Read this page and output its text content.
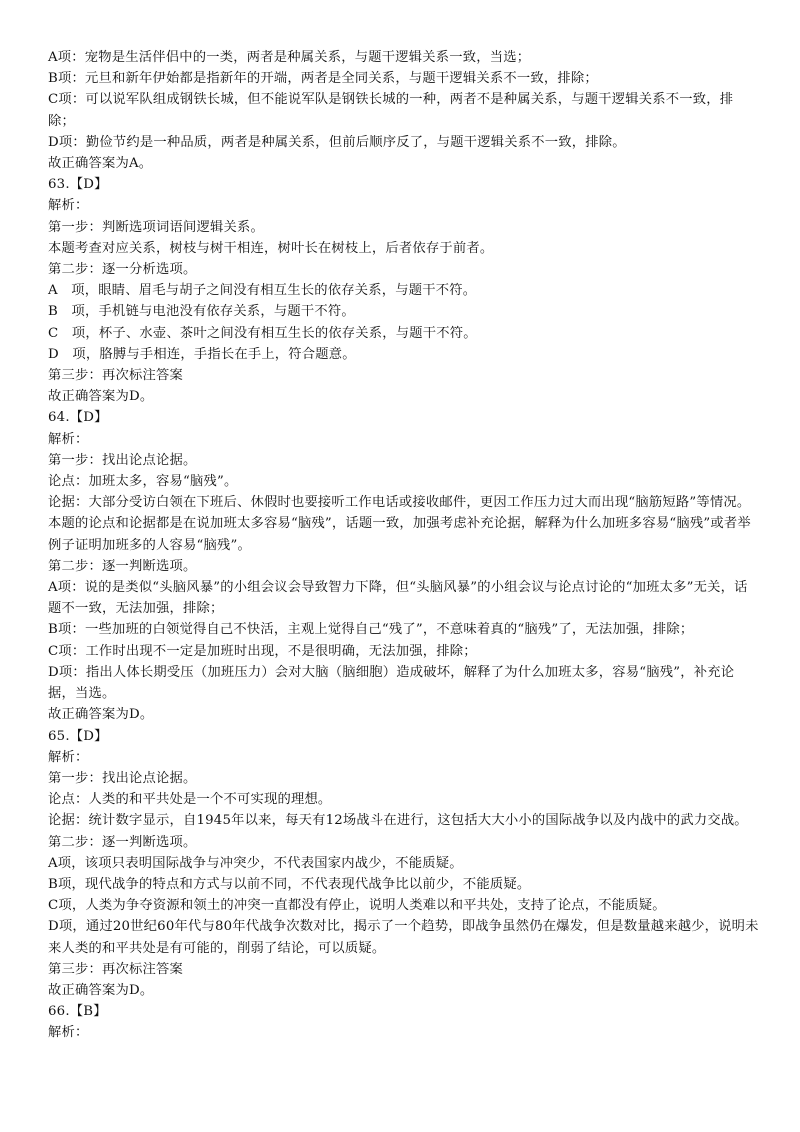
A项：宠物是生活伴侣中的一类，两者是种属关系，与题干逻辑关系一致，当选；

B项：元旦和新年伊始都是指新年的开端，两者是全同关系，与题干逻辑关系不一致，排除；

C项：可以说军队组成钢铁长城，但不能说军队是钢铁长城的一种，两者不是种属关系，与题干逻辑关系不一致，排除；

D项：勤俭节约是一种品质，两者是种属关系，但前后顺序反了，与题干逻辑关系不一致，排除。

故正确答案为A。

63.【D】

解析：

第一步：判断选项词语间逻辑关系。

本题考查对应关系，树枝与树干相连，树叶长在树枝上，后者依存于前者。

第二步：逐一分析选项。

A　项，眼睛、眉毛与胡子之间没有相互生长的依存关系，与题干不符。

B　项，手机链与电池没有依存关系，与题干不符。

C　项，杯子、水壶、茶叶之间没有相互生长的依存关系，与题干不符。

D　项，胳膊与手相连，手指长在手上，符合题意。

第三步：再次标注答案

故正确答案为D。

64.【D】

解析：

第一步：找出论点论据。

论点：加班太多，容易“脑残”。

论据：大部分受访白领在下班后、休假时也要接听工作电话或接收邮件，更因工作压力过大而出现“脑筋短路”等情况。

本题的论点和论据都是在说加班太多容易“脑残”，话题一致，加强考虑补充论据，解释为什么加班多容易“脑残”或者举例子证明加班多的人容易“脑残”。

第二步：逐一判断选项。

A项：说的是类似“头脑风暴”的小组会议会导致智力下降，但“头脑风暴”的小组会议与论点讨论的“加班太多”无关，话题不一致，无法加强，排除；

B项：一些加班的白领觉得自己不快活，主观上觉得自己“残了”，不意味着真的“脑残”了，无法加强，排除；

C项：工作时出现不一定是加班时出现，不是很明确，无法加强，排除；

D项：指出人体长期受压（加班压力）会对大脑（脑细胞）造成破坏，解释了为什么加班太多，容易“脑残”，补充论据，当选。

故正确答案为D。

65.【D】

解析：

第一步：找出论点论据。

论点：人类的和平共处是一个不可实现的理想。

论据：统计数字显示，自1945年以来，每天有12场战斗在进行，这包括大大小小的国际战争以及内战中的武力交战。

第二步：逐一判断选项。

A项，该项只表明国际战争与冲突少，不代表国家内战少，不能质疑。

B项，现代战争的特点和方式与以前不同，不代表现代战争比以前少，不能质疑。

C项，人类为争夺资源和领土的冲突一直都没有停止，说明人类难以和平共处，支持了论点，不能质疑。

D项，通过20世纪60年代与80年代战争次数对比，揭示了一个趋势，即战争虽然仍在爆发，但是数量越来越少，说明未来人类的和平共处是有可能的，削弱了结论，可以质疑。

第三步：再次标注答案

故正确答案为D。

66.【B】

解析：
